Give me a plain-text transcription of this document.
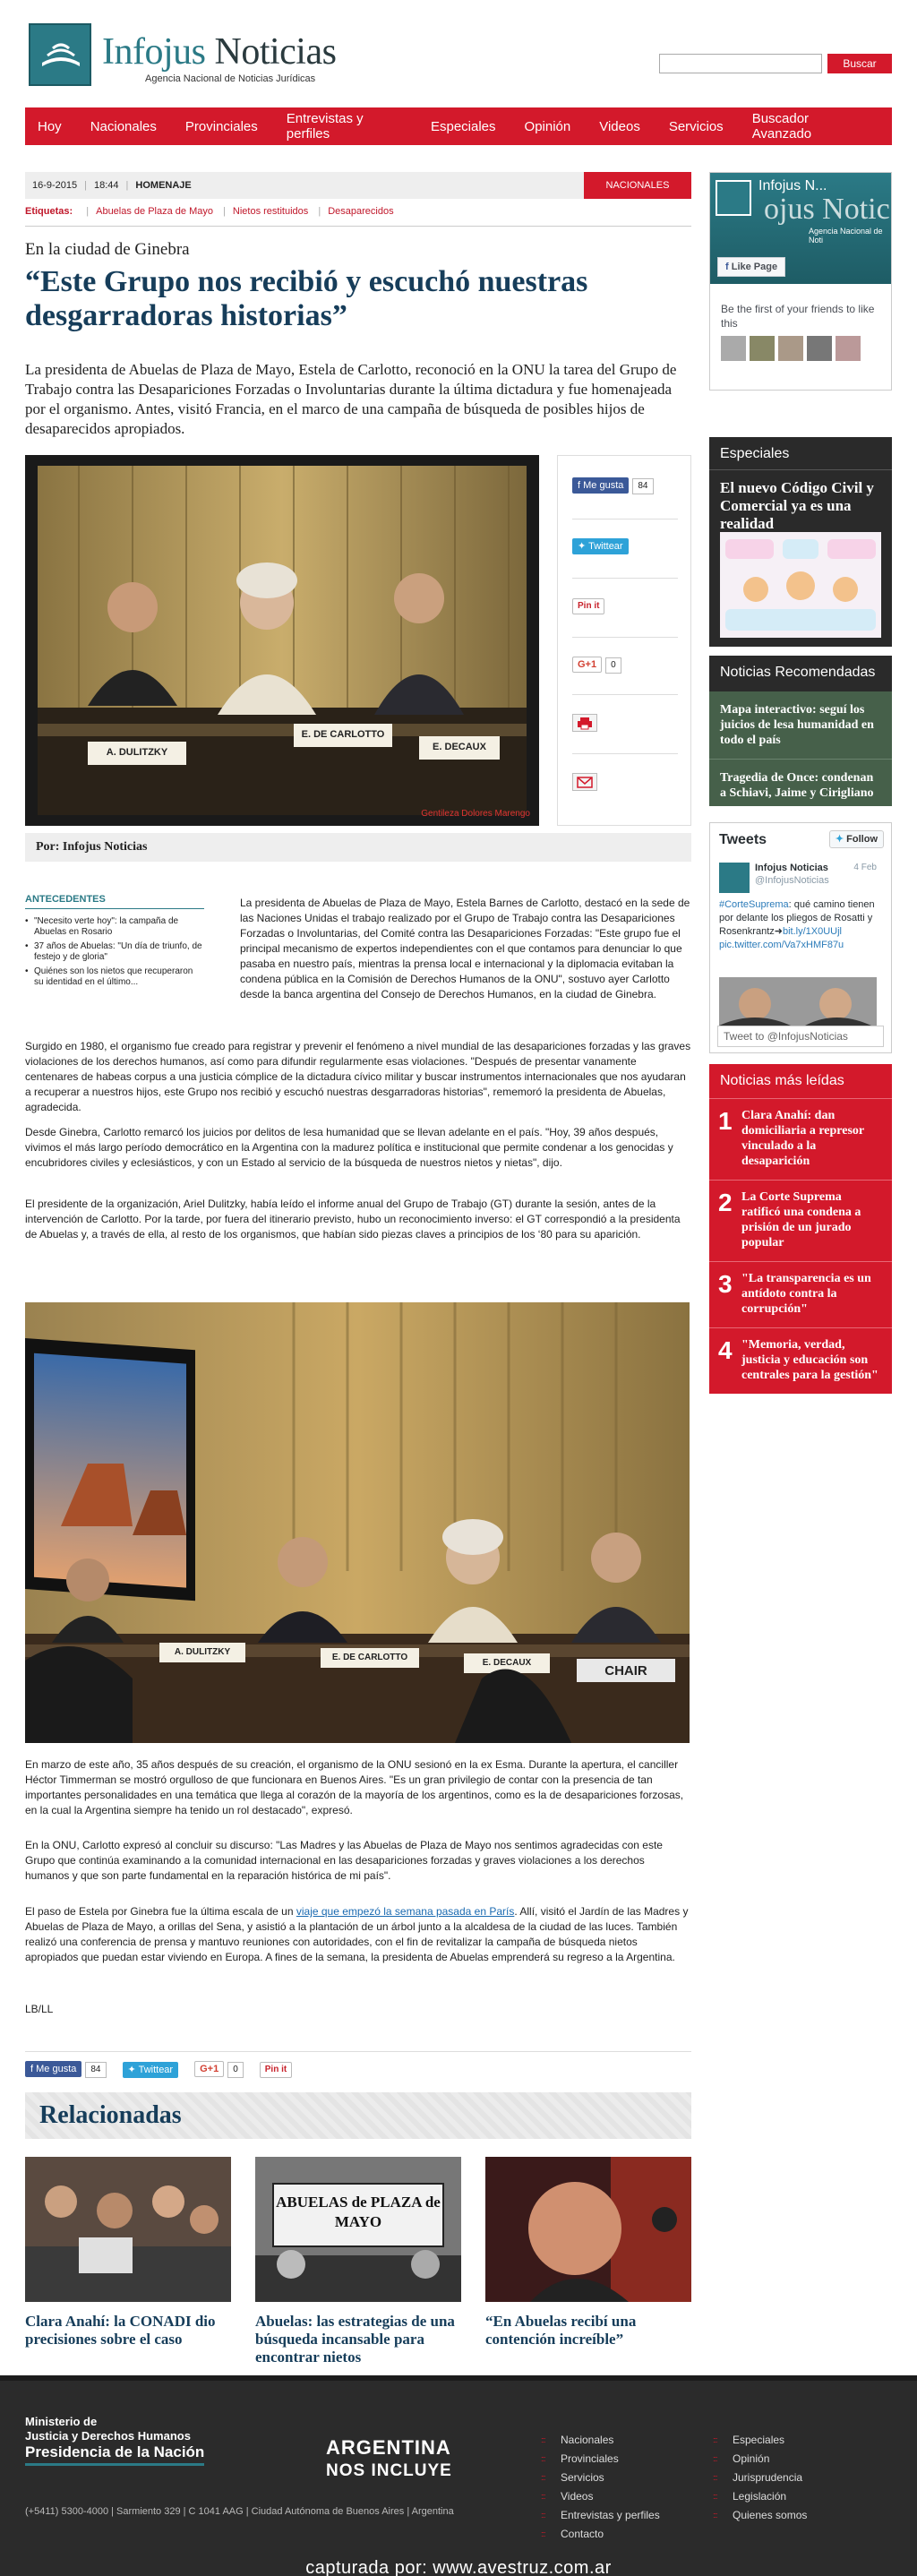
Infojus Noticias
Agencia Nacional de Noticias Jurídicas
Buscar
Hoy Nacionales Provinciales Entrevistas y perfiles	Especiales Opinión Videos Servicios Buscador Avanzado
16-9-2015 | 18:44 | HOMENAJE	NACIONALES
Etiquetas: | Abuelas de Plaza de Mayo | Nietos restituidos | Desaparecidos
En la ciudad de Ginebra
“Este Grupo nos recibió y escuchó nuestras desgarradoras historias”

La presidenta de Abuelas de Plaza de Mayo, Estela de Carlotto, reconoció en la ONU la tarea del Grupo de Trabajo contra las Desapariciones Forzadas o Involuntarias durante la última dictadura y fue homenajeada por el organismo. Antes, visitó Francia, en el marco de una campaña de búsqueda de posibles hijos de desaparecidos apropiados.

A. DULITZKY
E. DE CARLOTTO
E. DECAUX
Gentileza Dolores Marengo
f Me gusta 84
✦ Twittear
Pin it
G+1 0
Por: Infojus Noticias
ANTECEDENTES
• "Necesito verte hoy": la campaña de Abuelas en Rosario
• 37 años de Abuelas: "Un día de triunfo, de festejo y de gloria"
• Quiénes son los nietos que recuperaron su identidad en el último...

La presidenta de Abuelas de Plaza de Mayo, Estela Barnes de Carlotto, destacó en la sede de las Naciones Unidas el trabajo realizado por el Grupo de Trabajo contra las Desapariciones Forzadas o Involuntarias, del Comité contra las Desapariciones Forzadas: "Este grupo fue el principal mecanismo de expertos independientes con el que contamos para denunciar lo que pasaba en nuestro país, mientras la prensa local e internacional y la diplomacia evitaban la condena pública en la Comisión de Derechos Humanos de la ONU", sostuvo ayer Carlotto desde la banca argentina del Consejo de Derechos Humanos, en la ciudad de Ginebra.

Surgido en 1980, el organismo fue creado para registrar y prevenir el fenómeno a nivel mundial de las desapariciones forzadas y las graves violaciones de los derechos humanos, así como para difundir regularmente esas violaciones. "Después de presentar vanamente centenares de habeas corpus a una justicia cómplice de la dictadura cívico militar y buscar instrumentos internacionales que nos ayudaran a recuperar a nuestros hijos, este Grupo nos recibió y escuchó nuestras desgarradoras historias", rememoró la presidenta de Abuelas, agradecida.

Desde Ginebra, Carlotto remarcó los juicios por delitos de lesa humanidad que se llevan adelante en el país. "Hoy, 39 años después, vivimos el más largo período democrático en la Argentina con la madurez política e institucional que permite condenar a los genocidas y encubridores civiles y eclesiásticos, y con un Estado al servicio de la búsqueda de nuestros nietos y nietas", dijo.

El presidente de la organización, Ariel Dulitzky, había leído el informe anual del Grupo de Trabajo (GT) durante la sesión, antes de la intervención de Carlotto. Por la tarde, por fuera del itinerario previsto, hubo un reconocimiento inverso: el GT correspondió a la presidenta de Abuelas y, a través de ella, al resto de los organismos, que habían sido piezas claves a principios de los ‘80 para su aparición.

A. DULITZKY
E. DE CARLOTTO
E. DECAUX
CHAIR

En marzo de este año, 35 años después de su creación, el organismo de la ONU sesionó en la ex Esma. Durante la apertura, el canciller Héctor Timmerman se mostró orgulloso de que funcionara en Buenos Aires. "Es un gran privilegio de contar con la presencia de tan importantes personalidades en una temática que llega al corazón de la mayoría de los argentinos, como es la de desapariciones forzosas, en la cual la Argentina siempre ha tenido un rol destacado", expresó.

En la ONU, Carlotto expresó al concluir su discurso: "Las Madres y las Abuelas de Plaza de Mayo nos sentimos agradecidas con este Grupo que continúa examinando a la comunidad internacional en las desapariciones forzadas y graves violaciones a los derechos humanos y que son parte fundamental en la reparación histórica de mi país".

El paso de Estela por Ginebra fue la última escala de un viaje que empezó la semana pasada en París. Allí, visitó el Jardín de las Madres y Abuelas de Plaza de Mayo, a orillas del Sena, y asistió a la plantación de un árbol junto a la alcaldesa de la ciudad de las luces. También realizó una conferencia de prensa y mantuvo reuniones con autoridades, con el fin de revitalizar la campaña de búsqueda nietos apropiados que puedan estar viviendo en Europa. A fines de la semana, la presidenta de Abuelas emprenderá su regreso a la Argentina.

LB/LL
f Me gusta 84	✦ Twittear	G+1 0	Pin it
Relacionadas
Clara Anahí: la CONADI dio precisiones sobre el caso
ABUELAS de PLAZA de MAYO
Abuelas: las estrategias de una búsqueda incansable para encontrar nietos
“En Abuelas recibí una contención increíble”
Infojus N...
ojus Notic
Agencia Nacional de Noti
f Like Page
Be the first of your friends to like this
Especiales
El nuevo Código Civil y Comercial ya es una realidad
Noticias Recomendadas
Mapa interactivo: seguí los juicios de lesa humanidad en todo el país
Tragedia de Once: condenan a Schiavi, Jaime y Cirigliano
Tweets	✦ Follow
Infojus Noticias
@InfojusNoticias
4 Feb
#CorteSuprema: qué camino tienen por delante los pliegos de Rosatti y Rosenkrantz➜bit.ly/1X0UUjl pic.twitter.com/Va7xHMF87u
Tweet to @InfojusNoticias
Noticias más leídas
1 Clara Anahí: dan domiciliaria a represor vinculado a la desaparición
2 La Corte Suprema ratificó una condena a prisión de un jurado popular
3 "La transparencia es un antídoto contra la corrupción"
4 "Memoria, verdad, justicia y educación son centrales para la gestión"
Ministerio de
Justicia y Derechos Humanos
Presidencia de la Nación
(+5411) 5300-4000 | Sarmiento 329 | C 1041 AAG | Ciudad Autónoma de Buenos Aires | Argentina
ARGENTINA
NOS INCLUYE
::: Nacionales
::: Provinciales
::: Servicios
::: Videos
::: Entrevistas y perfiles
::: Contacto
::: Especiales
::: Opinión
::: Jurisprudencia
::: Legislación
::: Quienes somos
capturada por: www.avestruz.com.ar
